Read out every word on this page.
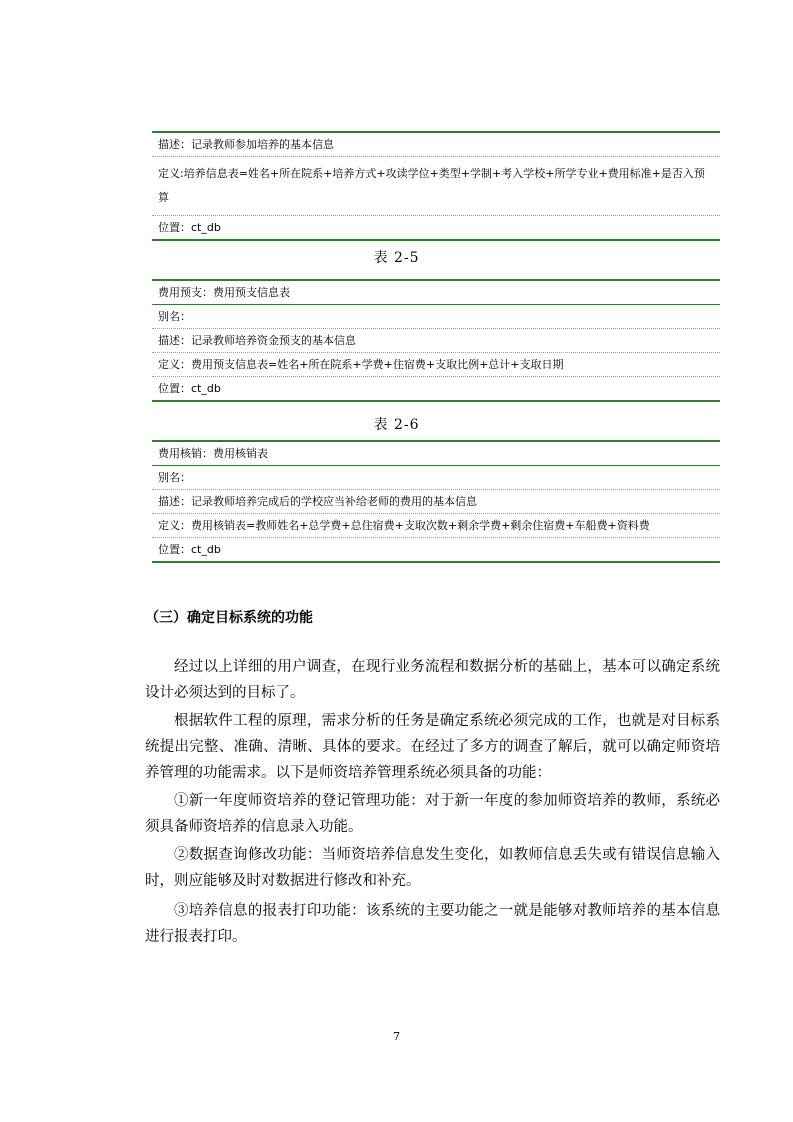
描述：记录教师参加培养的基本信息
定义:培养信息表=姓名+所在院系+培养方式+攻读学位+类型+学制+考入学校+所学专业+费用标准+是否入预算
位置：ct_db
表 2-5
费用预支：费用预支信息表
别名：
描述：记录教师培养资金预支的基本信息
定义：费用预支信息表=姓名+所在院系+学费+住宿费+支取比例+总计+支取日期
位置：ct_db
表 2-6
费用核销：费用核销表
别名：
描述：记录教师培养完成后的学校应当补给老师的费用的基本信息
定义：费用核销表=教师姓名+总学费+总住宿费+支取次数+剩余学费+剩余住宿费+车船费+资料费
位置：ct_db
（三）确定目标系统的功能

经过以上详细的用户调查，在现行业务流程和数据分析的基础上，基本可以确定系统设计必须达到的目标了。

根据软件工程的原理，需求分析的任务是确定系统必须完成的工作，也就是对目标系统提出完整、准确、清晰、具体的要求。在经过了多方的调查了解后，就可以确定师资培养管理的功能需求。以下是师资培养管理系统必须具备的功能：

①新一年度师资培养的登记管理功能：对于新一年度的参加师资培养的教师，系统必须具备师资培养的信息录入功能。

②数据查询修改功能：当师资培养信息发生变化，如教师信息丢失或有错误信息输入时，则应能够及时对数据进行修改和补充。

③培养信息的报表打印功能：该系统的主要功能之一就是能够对教师培养的基本信息进行报表打印。

7
